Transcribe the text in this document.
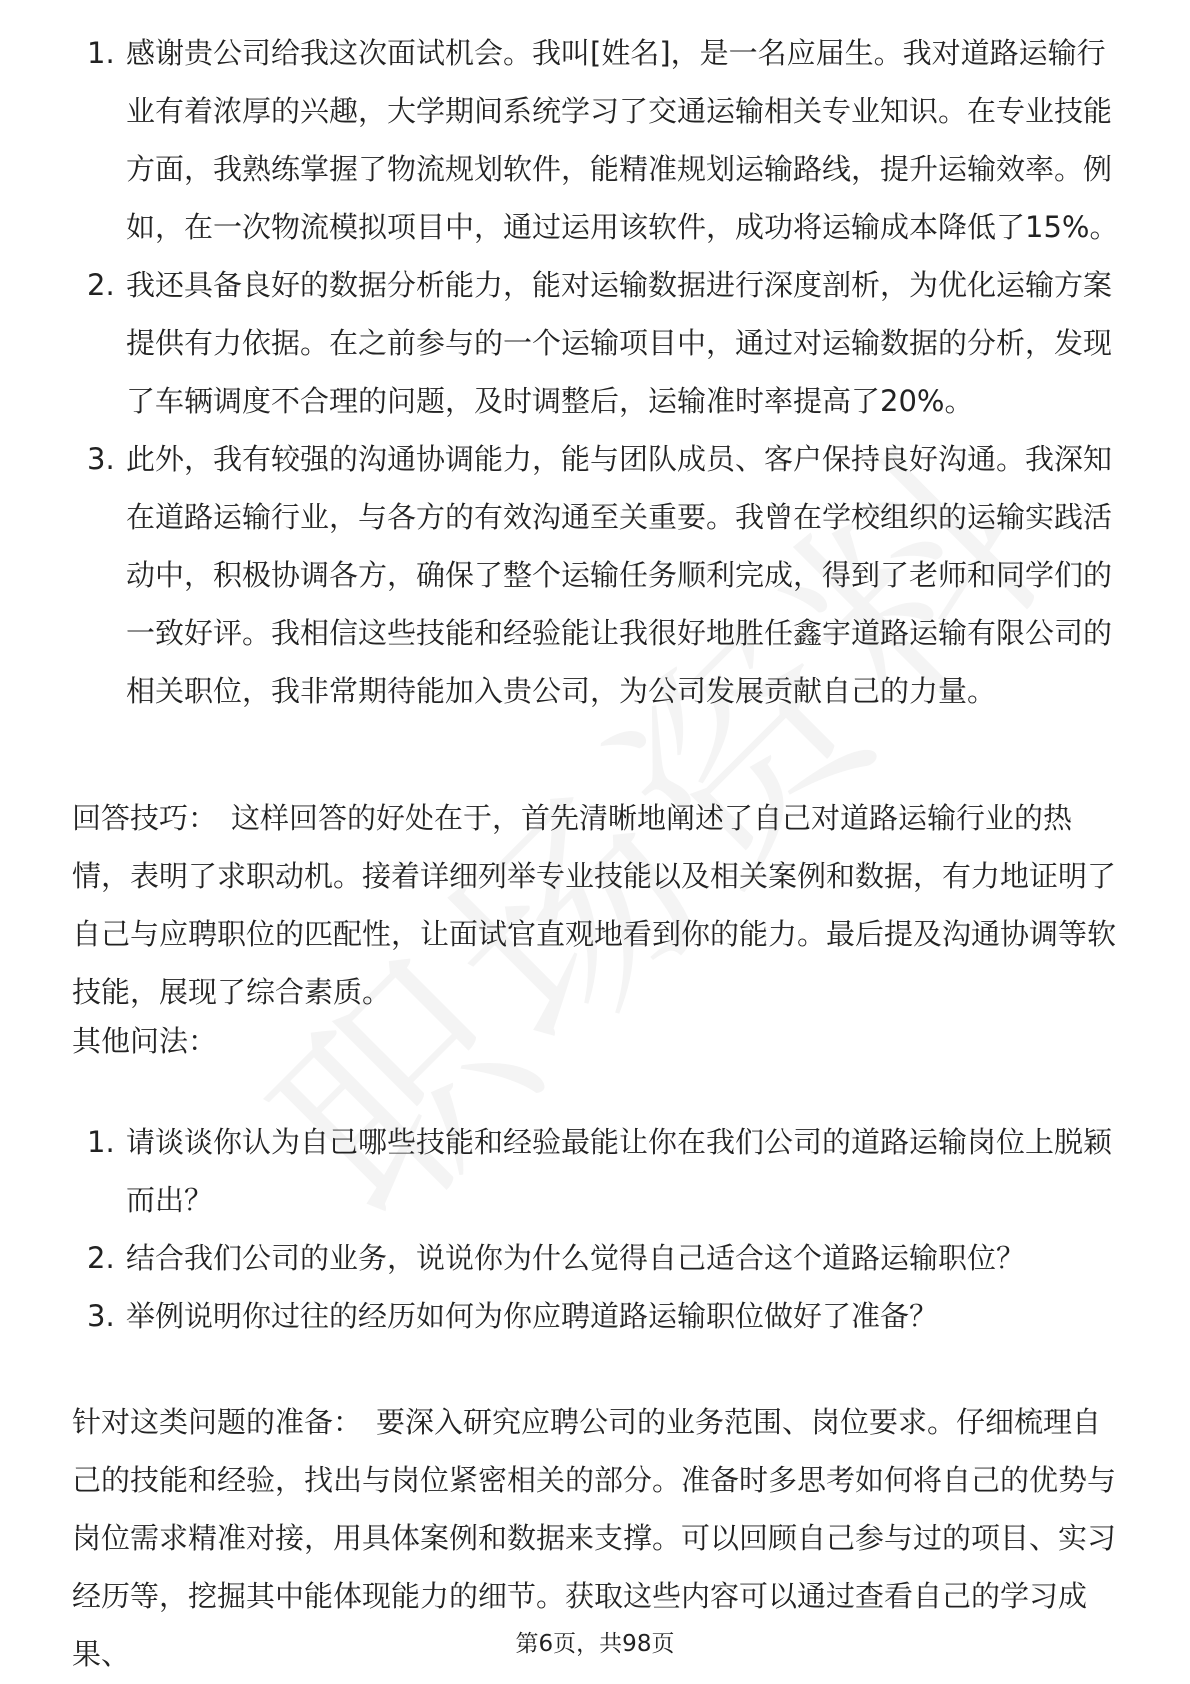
1. 感谢贵公司给我这次面试机会。我叫[姓名]，是一名应届生。我对道路运输行业有着浓厚的兴趣，大学期间系统学习了交通运输相关专业知识。在专业技能方面，我熟练掌握了物流规划软件，能精准规划运输路线，提升运输效率。例如，在一次物流模拟项目中，通过运用该软件，成功将运输成本降低了15%。
2. 我还具备良好的数据分析能力，能对运输数据进行深度剖析，为优化运输方案提供有力依据。在之前参与的一个运输项目中，通过对运输数据的分析，发现了车辆调度不合理的问题，及时调整后，运输准时率提高了20%。
3. 此外，我有较强的沟通协调能力，能与团队成员、客户保持良好沟通。我深知在道路运输行业，与各方的有效沟通至关重要。我曾在学校组织的运输实践活动中，积极协调各方，确保了整个运输任务顺利完成，得到了老师和同学们的一致好评。我相信这些技能和经验能让我很好地胜任鑫宇道路运输有限公司的相关职位，我非常期待能加入贵公司，为公司发展贡献自己的力量。

回答技巧： 这样回答的好处在于，首先清晰地阐述了自己对道路运输行业的热情，表明了求职动机。接着详细列举专业技能以及相关案例和数据，有力地证明了自己与应聘职位的匹配性，让面试官直观地看到你的能力。最后提及沟通协调等软技能，展现了综合素质。

其他问法：

1. 请谈谈你认为自己哪些技能和经验最能让你在我们公司的道路运输岗位上脱颖而出？
2. 结合我们公司的业务，说说你为什么觉得自己适合这个道路运输职位？
3. 举例说明你过往的经历如何为你应聘道路运输职位做好了准备？

针对这类问题的准备： 要深入研究应聘公司的业务范围、岗位要求。仔细梳理自己的技能和经验，找出与岗位紧密相关的部分。准备时多思考如何将自己的优势与岗位需求精准对接，用具体案例和数据来支撑。可以回顾自己参与过的项目、实习经历等，挖掘其中能体现能力的细节。获取这些内容可以通过查看自己的学习成果、	第6页，共98页
